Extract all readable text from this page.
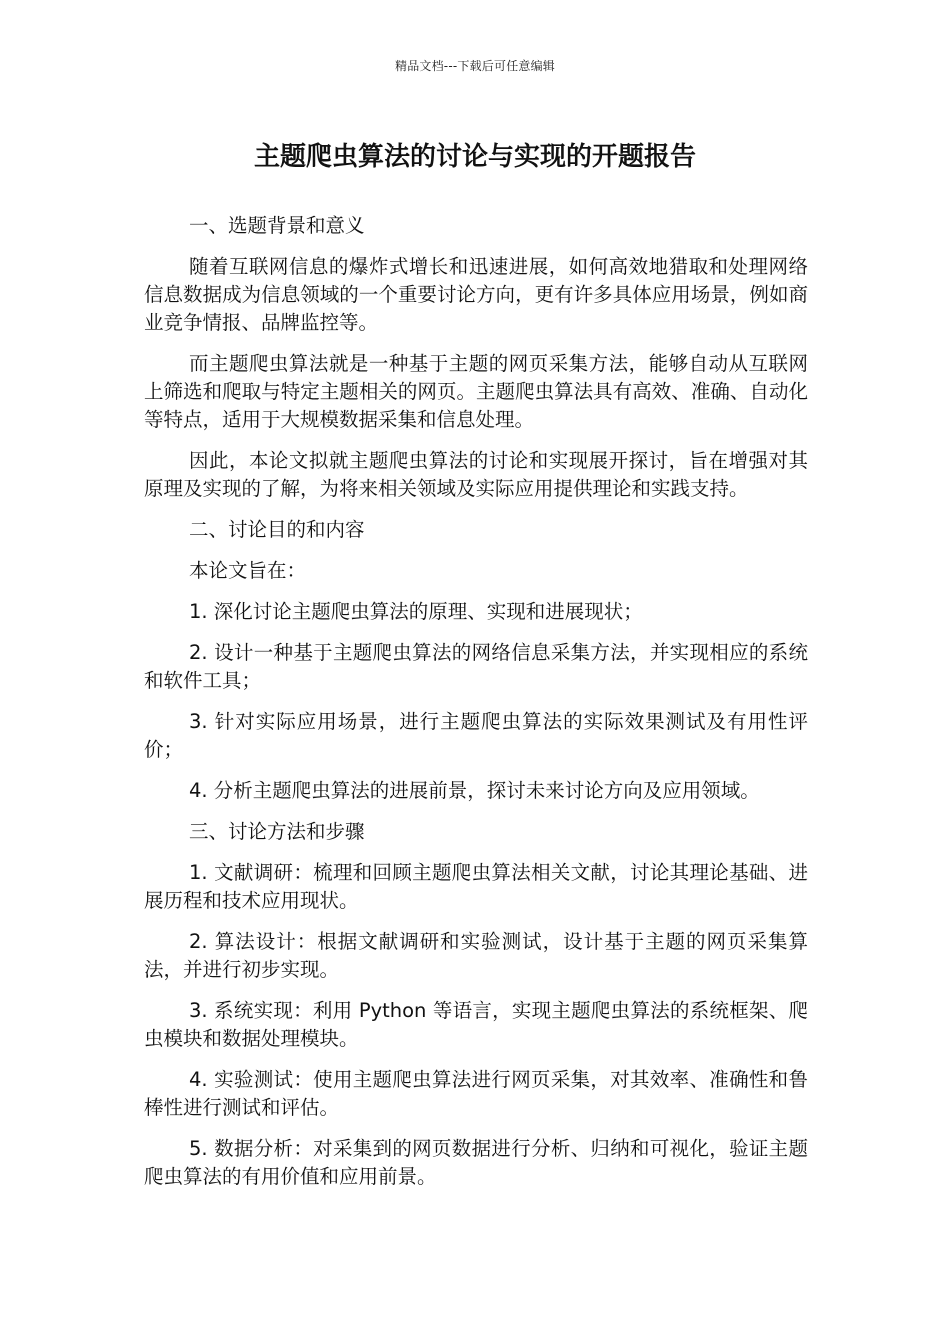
精品文档---下载后可任意编辑
主题爬虫算法的讨论与实现的开题报告

一、选题背景和意义

随着互联网信息的爆炸式增长和迅速进展，如何高效地猎取和处理网络信息数据成为信息领域的一个重要讨论方向，更有许多具体应用场景，例如商业竞争情报、品牌监控等。

而主题爬虫算法就是一种基于主题的网页采集方法，能够自动从互联网上筛选和爬取与特定主题相关的网页。主题爬虫算法具有高效、准确、自动化等特点，适用于大规模数据采集和信息处理。

因此，本论文拟就主题爬虫算法的讨论和实现展开探讨，旨在增强对其原理及实现的了解，为将来相关领域及实际应用提供理论和实践支持。

二、讨论目的和内容

本论文旨在：

1. 深化讨论主题爬虫算法的原理、实现和进展现状；

2. 设计一种基于主题爬虫算法的网络信息采集方法，并实现相应的系统和软件工具；

3. 针对实际应用场景，进行主题爬虫算法的实际效果测试及有用性评价；

4. 分析主题爬虫算法的进展前景，探讨未来讨论方向及应用领域。

三、讨论方法和步骤

1. 文献调研：梳理和回顾主题爬虫算法相关文献，讨论其理论基础、进展历程和技术应用现状。

2. 算法设计：根据文献调研和实验测试，设计基于主题的网页采集算法，并进行初步实现。

3. 系统实现：利用 Python 等语言，实现主题爬虫算法的系统框架、爬虫模块和数据处理模块。

4. 实验测试：使用主题爬虫算法进行网页采集，对其效率、准确性和鲁棒性进行测试和评估。

5. 数据分析：对采集到的网页数据进行分析、归纳和可视化，验证主题爬虫算法的有用价值和应用前景。
